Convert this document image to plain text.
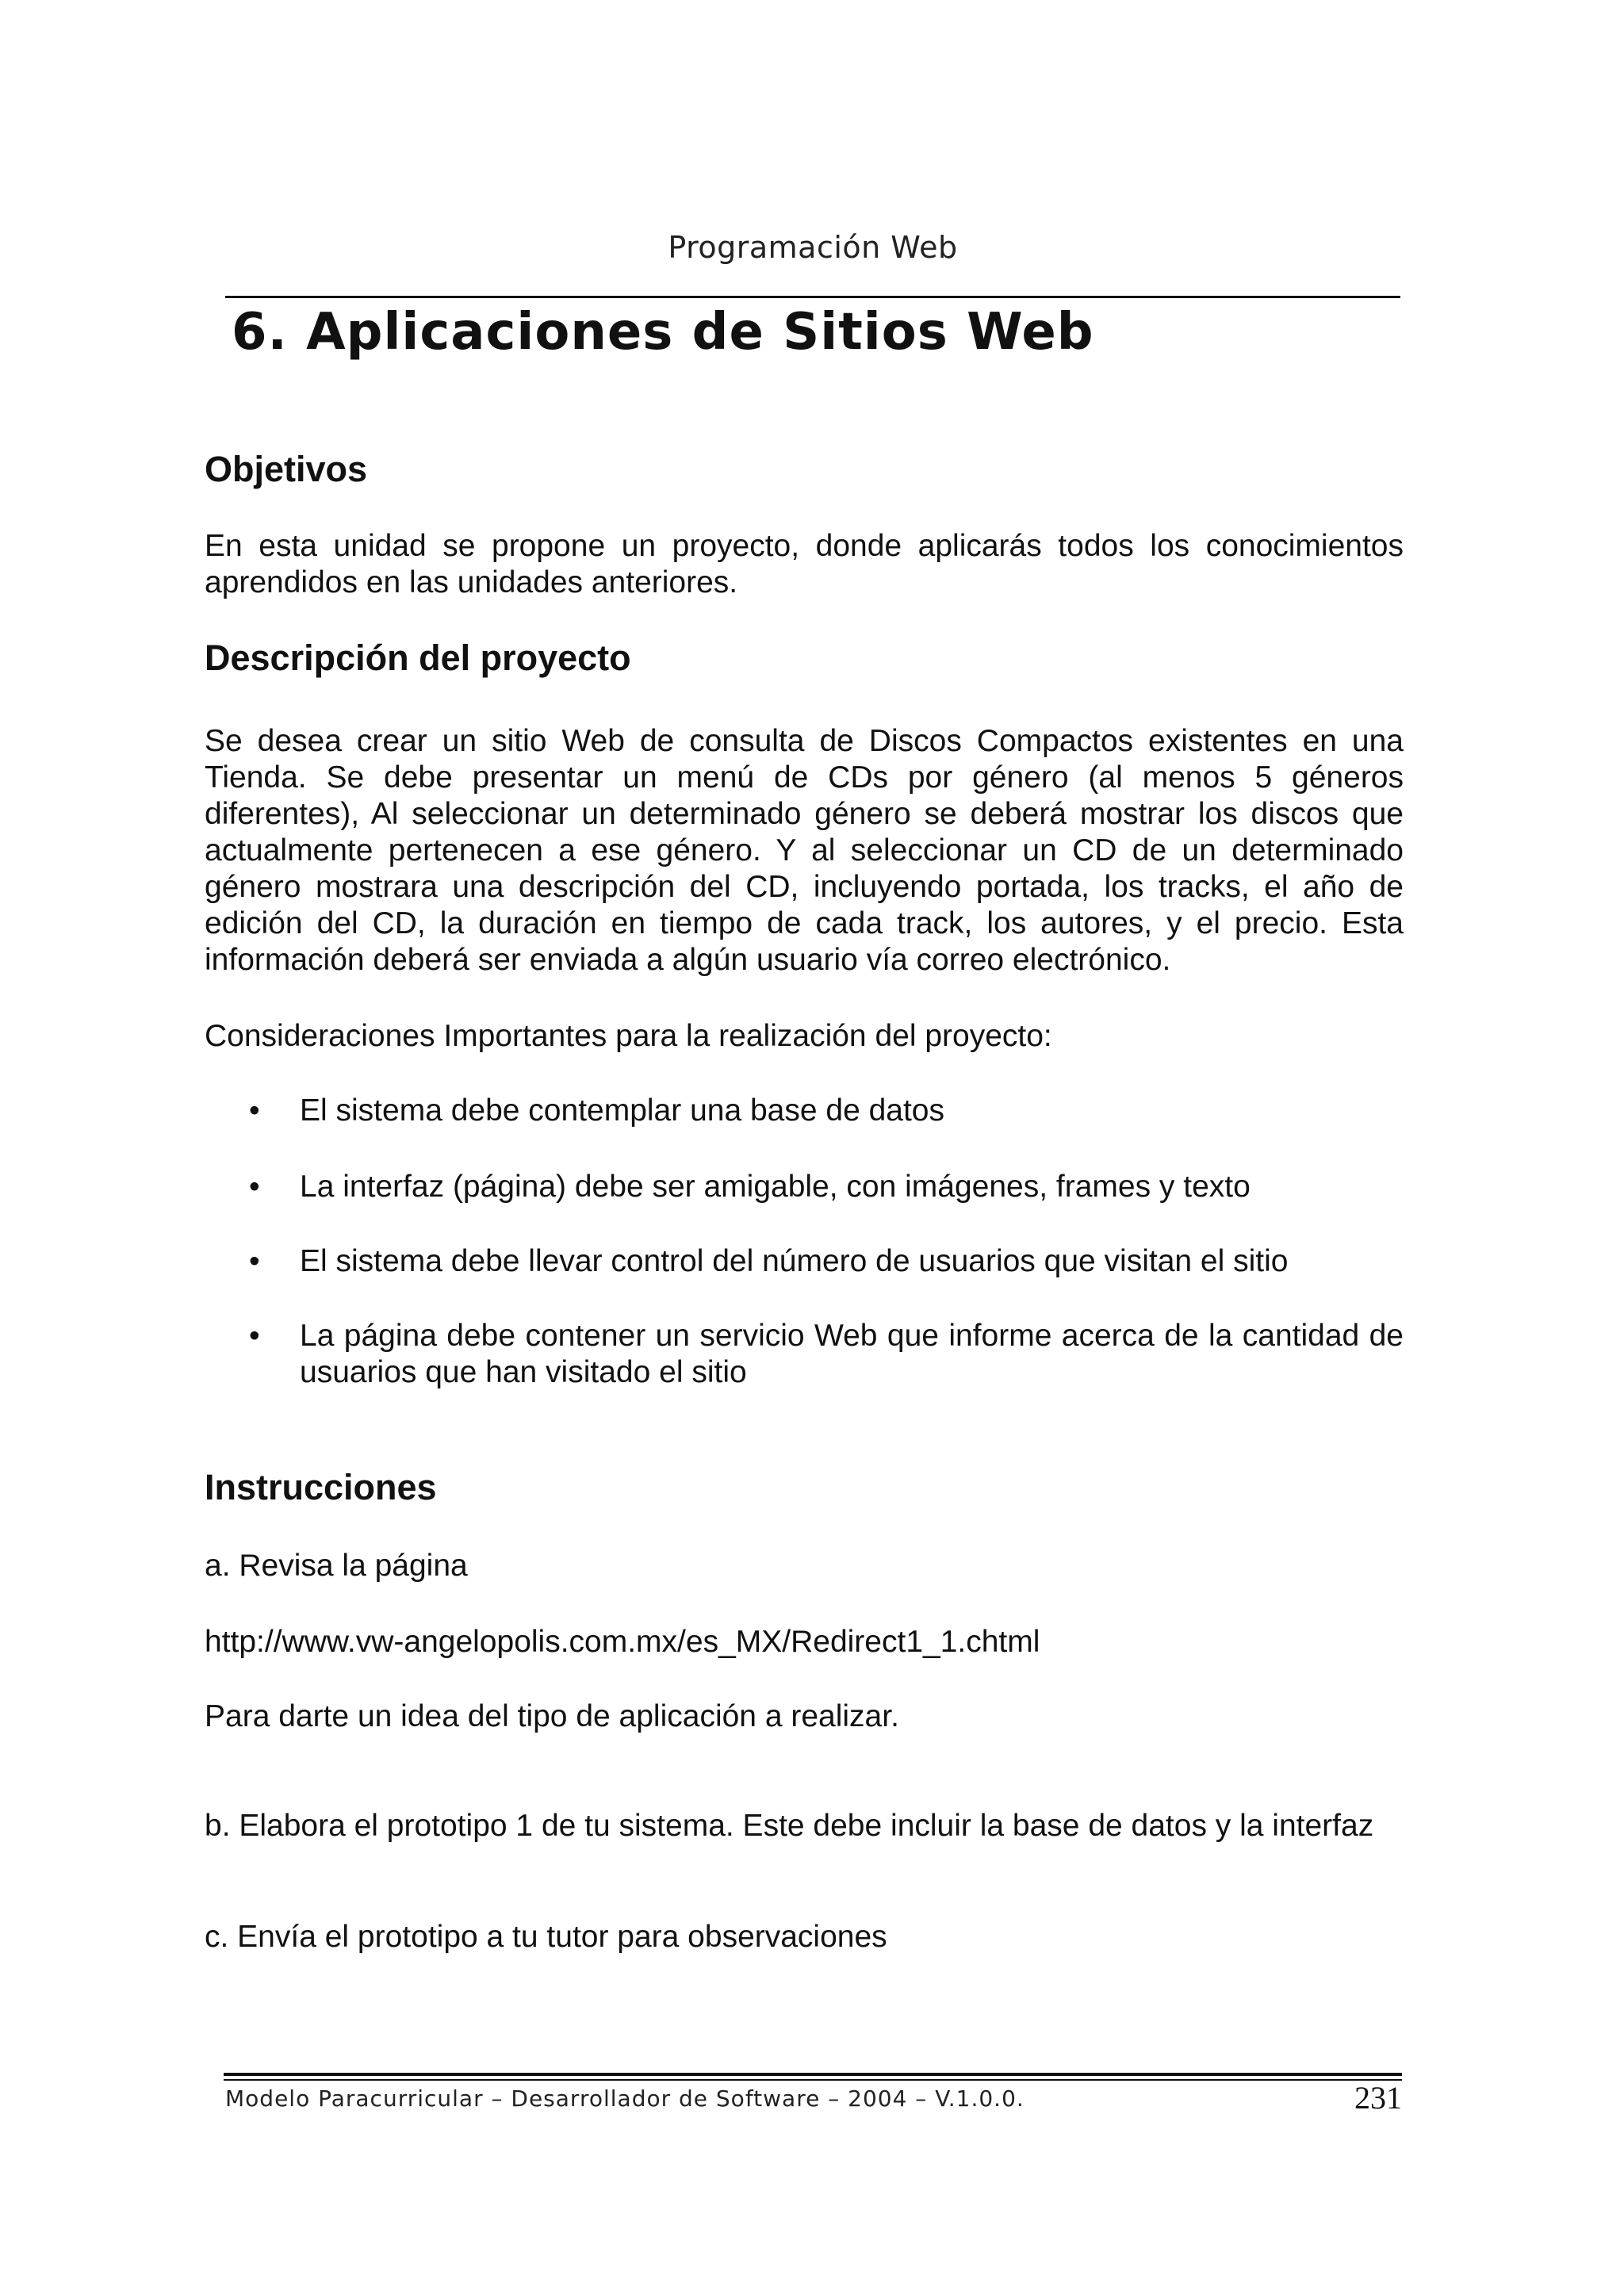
Programación Web
6. Aplicaciones de Sitios Web
Objetivos

En esta unidad se propone un proyecto, donde aplicarás todos los conocimientos aprendidos en las unidades anteriores.

Descripción del proyecto

Se desea crear un sitio Web de consulta de Discos Compactos existentes en una Tienda. Se debe presentar un menú de CDs por género (al menos 5 géneros diferentes), Al seleccionar un determinado género se deberá mostrar los discos que actualmente pertenecen a ese género. Y al seleccionar un CD de un determinado género mostrara una descripción del CD, incluyendo portada, los tracks, el año de edición del CD, la duración en tiempo de cada track, los autores, y el precio. Esta información deberá ser enviada a algún usuario vía correo electrónico.

Consideraciones Importantes para la realización del proyecto:

• El sistema debe contemplar una base de datos
• La interfaz (página) debe ser amigable, con imágenes, frames y texto
• El sistema debe llevar control del número de usuarios que visitan el sitio
• La página debe contener un servicio Web que informe acerca de la cantidad de usuarios que han visitado el sitio
Instrucciones

a. Revisa la página

http://www.vw-angelopolis.com.mx/es_MX/Redirect1_1.chtml

Para darte un idea del tipo de aplicación a realizar.

b. Elabora el prototipo 1 de tu sistema. Este debe incluir la base de datos y la interfaz

c. Envía el prototipo a tu tutor para observaciones

Modelo Paracurricular – Desarrollador de Software – 2004 – V.1.0.0.	231
